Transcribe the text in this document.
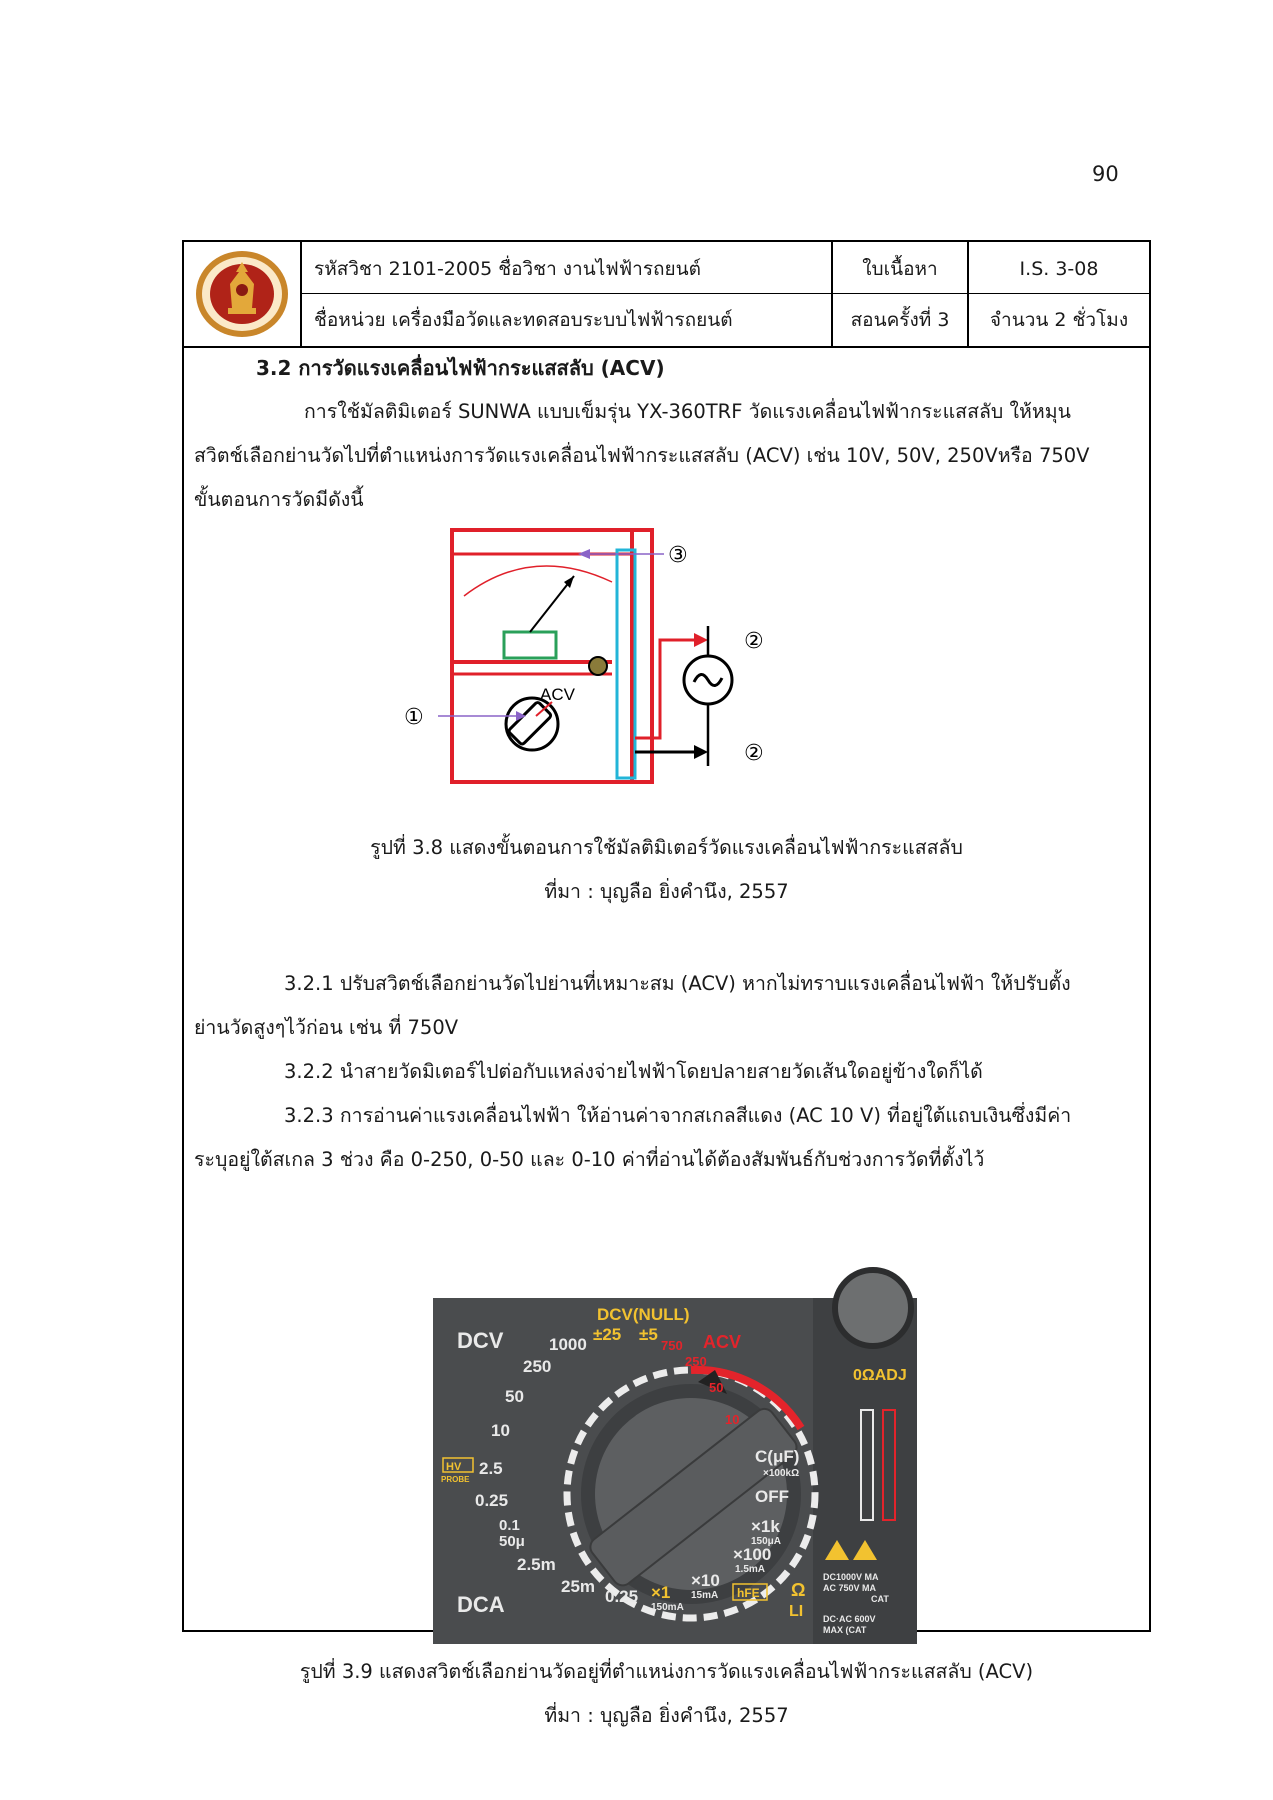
90
รหัสวิชา 2101-2005 ชื่อวิชา งานไฟฟ้ารถยนต์	ใบเนื้อหา	I.S. 3-08
ชื่อหน่วย เครื่องมือวัดและทดสอบระบบไฟฟ้ารถยนต์	สอนครั้งที่ 3	จำนวน 2 ชั่วโมง
3.2 การวัดแรงเคลื่อนไฟฟ้ากระแสสลับ (ACV)
การใช้มัลติมิเตอร์ SUNWA แบบเข็มรุ่น YX-360TRF วัดแรงเคลื่อนไฟฟ้ากระแสสลับ ให้หมุน
สวิตช์เลือกย่านวัดไปที่ตำแหน่งการวัดแรงเคลื่อนไฟฟ้ากระแสสลับ (ACV) เช่น 10V, 50V, 250Vหรือ 750V
ขั้นตอนการวัดมีดังนี้
ACV
①
③
②
②
รูปที่ 3.8 แสดงขั้นตอนการใช้มัลติมิเตอร์วัดแรงเคลื่อนไฟฟ้ากระแสสลับ
ที่มา : บุญลือ ยิ่งคำนึง, 2557
3.2.1 ปรับสวิตช์เลือกย่านวัดไปย่านที่เหมาะสม (ACV) หากไม่ทราบแรงเคลื่อนไฟฟ้า ให้ปรับตั้ง
ย่านวัดสูงๆไว้ก่อน เช่น ที่ 750V
3.2.2 นำสายวัดมิเตอร์ไปต่อกับแหล่งจ่ายไฟฟ้าโดยปลายสายวัดเส้นใดอยู่ข้างใดก็ได้
3.2.3 การอ่านค่าแรงเคลื่อนไฟฟ้า ให้อ่านค่าจากสเกลสีแดง (AC 10 V) ที่อยู่ใต้แถบเงินซึ่งมีค่า
ระบุอยู่ใต้สเกล 3 ช่วง คือ 0-250, 0-50 และ 0-10 ค่าที่อ่านได้ต้องสัมพันธ์กับช่วงการวัดที่ตั้งไว้
DCV
DCV(NULL)
±25 ±5
1000
250
50
10
HV
PROBE
2.5
0.25
0.1
50μ
2.5m
25m
0.25
DCA
ACV
750
250
50
10
C(μF)
×100kΩ
OFF
×1k
150μA
×100
1.5mA
×10
15mA
×1
150mA
hFE Ω
LI
0ΩADJ
DC1000V MA
AC 750V MA
CAT
DC·AC 600V
MAX (CAT
รูปที่ 3.9 แสดงสวิตช์เลือกย่านวัดอยู่ที่ตำแหน่งการวัดแรงเคลื่อนไฟฟ้ากระแสสลับ (ACV)
ที่มา : บุญลือ ยิ่งคำนึง, 2557
